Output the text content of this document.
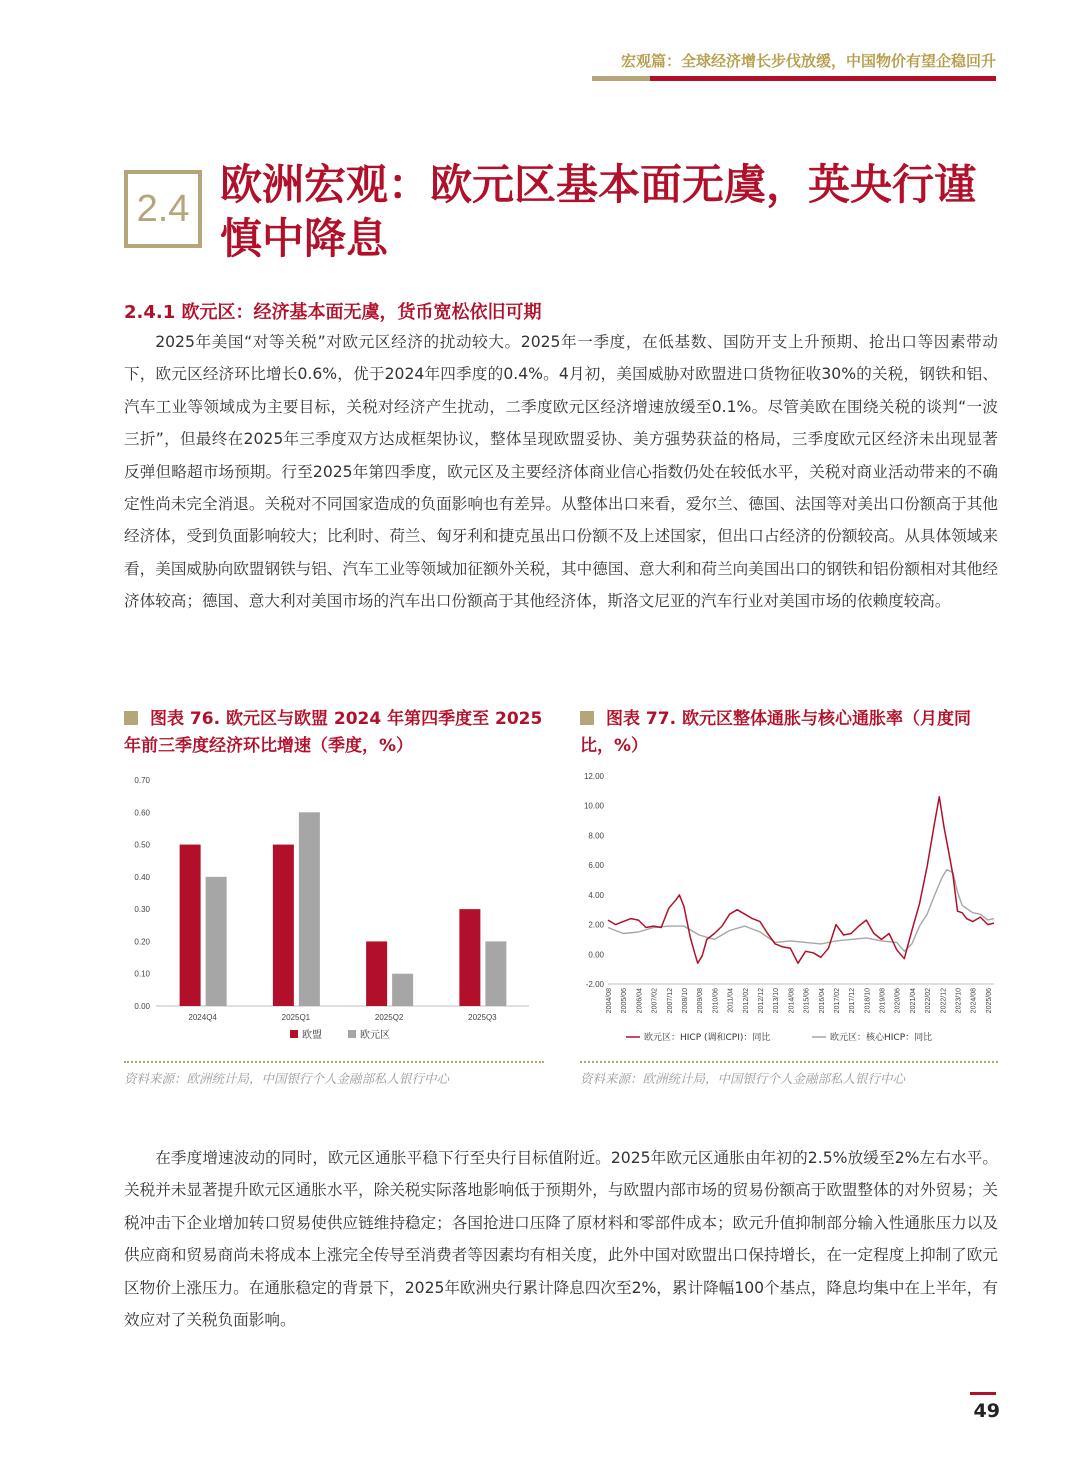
宏观篇：全球经济增长步伐放缓，中国物价有望企稳回升
2.4 欧洲宏观：欧元区基本面无虞，英央行谨慎中降息
2.4.1 欧元区：经济基本面无虞，货币宽松依旧可期
2025年美国“对等关税”对欧元区经济的扰动较大。2025年一季度，在低基数、国防开支上升预期、抢出口等因素带动下，欧元区经济环比增长0.6%，优于2024年四季度的0.4%。4月初，美国威胁对欧盟进口货物征收30%的关税，钢铁和铝、汽车工业等领域成为主要目标，关税对经济产生扰动，二季度欧元区经济增速放缓至0.1%。尽管美欧在围绕关税的谈判“一波三折”，但最终在2025年三季度双方达成框架协议，整体呈现欧盟妥协、美方强势获益的格局，三季度欧元区经济未出现显著反弹但略超市场预期。行至2025年第四季度，欧元区及主要经济体商业信心指数仍处在较低水平，关税对商业活动带来的不确定性尚未完全消退。关税对不同国家造成的负面影响也有差异。从整体出口来看，爱尔兰、德国、法国等对美出口份额高于其他经济体，受到负面影响较大；比利时、荷兰、匈牙利和捷克虽出口份额不及上述国家，但出口占经济的份额较高。从具体领域来看，美国威胁向欧盟钢铁与铝、汽车工业等领域加征额外关税，其中德国、意大利和荷兰向美国出口的钢铁和铝份额相对其他经济体较高；德国、意大利对美国市场的汽车出口份额高于其他经济体，斯洛文尼亚的汽车行业对美国市场的依赖度较高。
图表 76. 欧元区与欧盟 2024 年第四季度至 2025 年前三季度经济环比增速（季度，%）
0.70
0.60
0.50
0.40
0.30
0.20
0.10
0.00
2024Q4	2025Q1	2025Q2	2025Q3
欧盟	欧元区
资料来源：欧洲统计局，中国银行个人金融部私人银行中心
图表 77. 欧元区整体通胀与核心通胀率（月度同比，%）
12.00
10.00
8.00
6.00
4.00
2.00
0.00
-2.00
2004/08 2005/06 2006/04 2007/02 2007/12 2008/10 2009/08 2010/06 2011/04 2012/02 2012/12 2013/10 2014/08 2015/06 2016/04 2017/02 2017/12 2018/10 2019/08 2020/06 2021/04 2022/02 2022/12 2023/10 2024/08 2025/06
欧元区：HICP (调和CPI)：同比	欧元区：核心HICP：同比
资料来源：欧洲统计局，中国银行个人金融部私人银行中心
在季度增速波动的同时，欧元区通胀平稳下行至央行目标值附近。2025年欧元区通胀由年初的2.5%放缓至2%左右水平。关税并未显著提升欧元区通胀水平，除关税实际落地影响低于预期外，与欧盟内部市场的贸易份额高于欧盟整体的对外贸易；关税冲击下企业增加转口贸易使供应链维持稳定；各国抢进口压降了原材料和零部件成本；欧元升值抑制部分输入性通胀压力以及供应商和贸易商尚未将成本上涨完全传导至消费者等因素均有相关度，此外中国对欧盟出口保持增长，在一定程度上抑制了欧元区物价上涨压力。在通胀稳定的背景下，2025年欧洲央行累计降息四次至2%，累计降幅100个基点，降息均集中在上半年，有效应对了关税负面影响。
49
